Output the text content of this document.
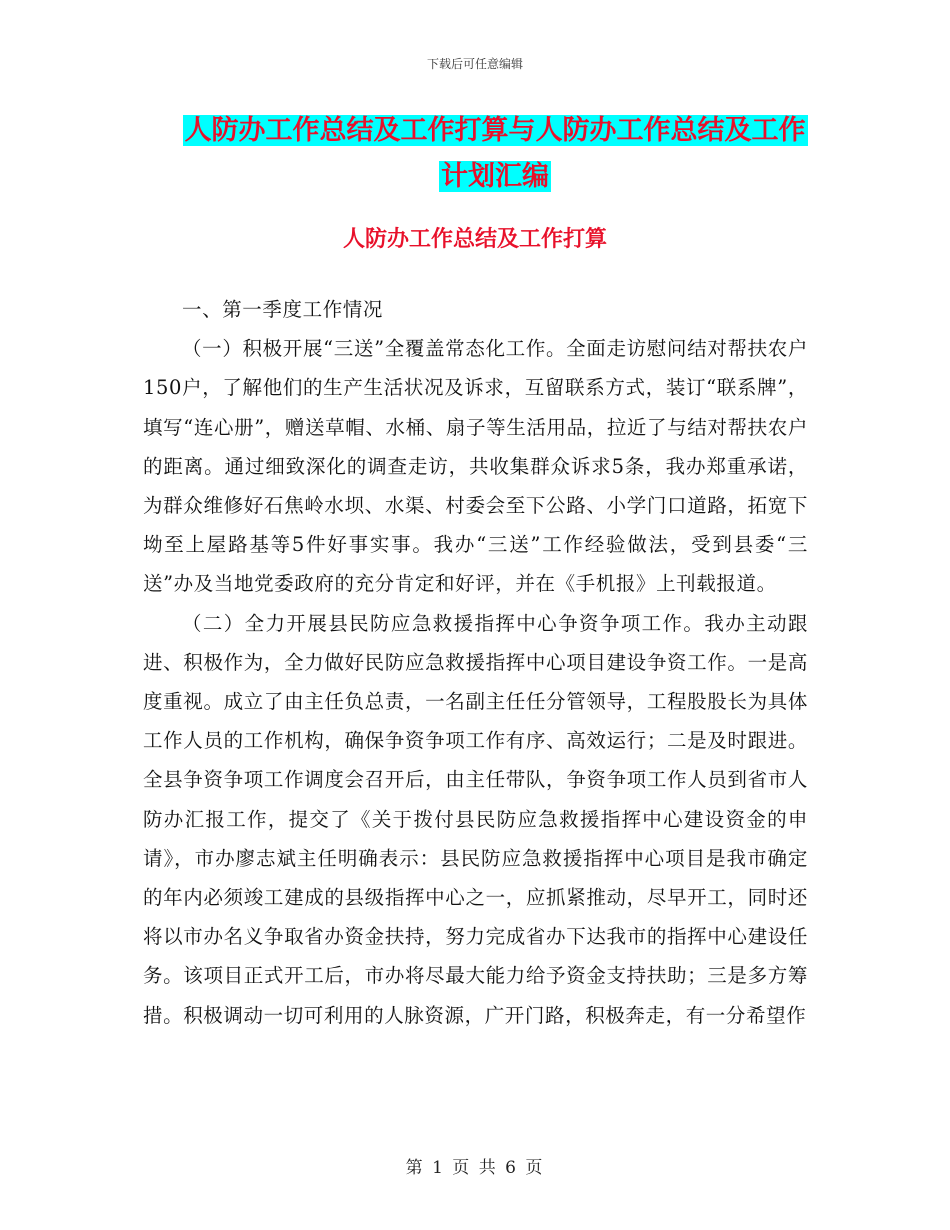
下载后可任意编辑
人防办工作总结及工作打算与人防办工作总结及工作
计划汇编
人防办工作总结及工作打算

一、第一季度工作情况

（一）积极开展“三送”全覆盖常态化工作。全面走访慰问结对帮扶农户150户，了解他们的生产生活状况及诉求，互留联系方式，装订“联系牌”，填写“连心册”，赠送草帽、水桶、扇子等生活用品，拉近了与结对帮扶农户的距离。通过细致深化的调查走访，共收集群众诉求5条，我办郑重承诺，为群众维修好石焦岭水坝、水渠、村委会至下公路、小学门口道路，拓宽下坳至上屋路基等5件好事实事。我办“三送”工作经验做法，受到县委“三送”办及当地党委政府的充分肯定和好评，并在《手机报》上刊载报道。

（二）全力开展县民防应急救援指挥中心争资争项工作。我办主动跟进、积极作为，全力做好民防应急救援指挥中心项目建设争资工作。一是高度重视。成立了由主任负总责，一名副主任任分管领导，工程股股长为具体工作人员的工作机构，确保争资争项工作有序、高效运行；二是及时跟进。全县争资争项工作调度会召开后，由主任带队，争资争项工作人员到省市人防办汇报工作，提交了《关于拨付县民防应急救援指挥中心建设资金的申请》，市办廖志斌主任明确表示：县民防应急救援指挥中心项目是我市确定的年内必须竣工建成的县级指挥中心之一，应抓紧推动，尽早开工，同时还将以市办名义争取省办资金扶持，努力完成省办下达我市的指挥中心建设任务。该项目正式开工后，市办将尽最大能力给予资金支持扶助；三是多方筹措。积极调动一切可利用的人脉资源，广开门路，积极奔走，有一分希望作

第 1 页 共 6 页
